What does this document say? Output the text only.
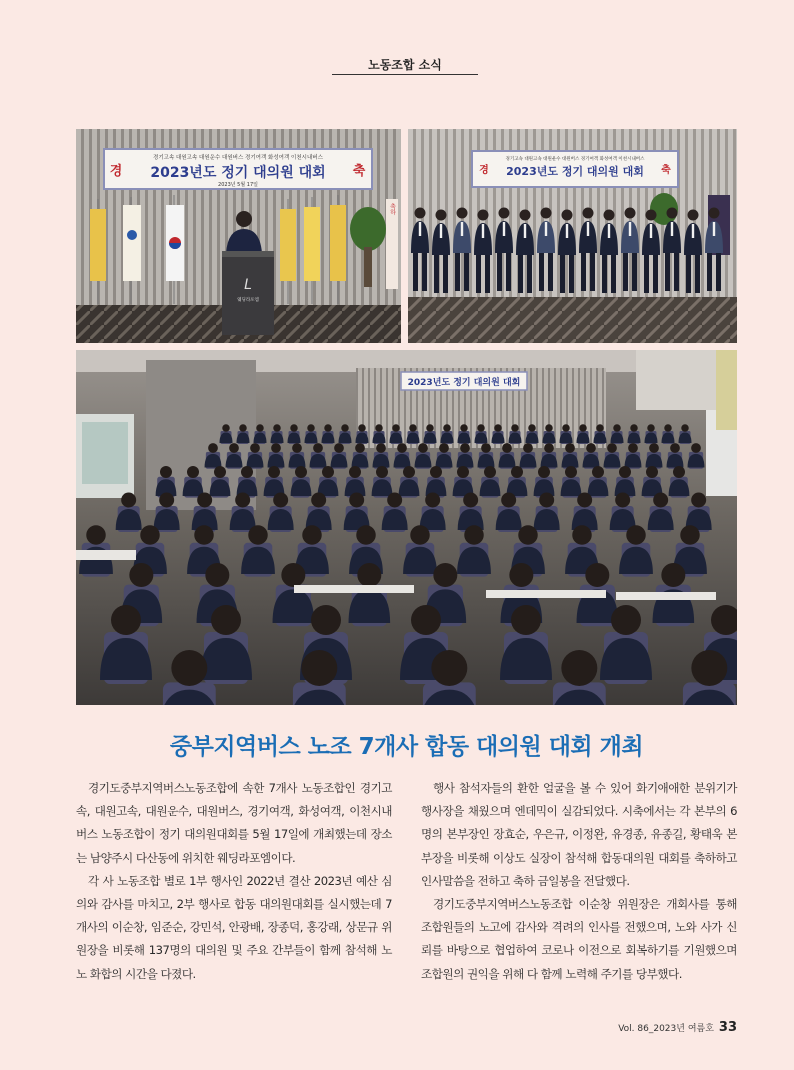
노동조합 소식
경기고속 대원고속 대원운수 대원버스 경기여객 화성여객 이천시내버스
2023년도 정기 대의원 대회
2023년 5월 17일
경	축
축하
L
웨딩라포엠
경기고속 대원고속 대원운수 대원버스 경기여객 화성여객 이천시내버스
2023년도 정기 대의원 대회
경	축
2023년도 정기 대의원 대회
중부지역버스 노조 7개사 합동 대의원 대회 개최

경기도중부지역버스노동조합에 속한 7개사 노동조합인 경기고속, 대원고속, 대원운수, 대원버스, 경기여객, 화성여객, 이천시내버스 노동조합이 정기 대의원대회를 5월 17일에 개최했는데 장소는 남양주시 다산동에 위치한 웨딩라포엠이다.

각 사 노동조합 별로 1부 행사인 2022년 결산 2023년 예산 심의와 감사를 마치고, 2부 행사로 합동 대의원대회를 실시했는데 7개사의 이순창, 임준순, 강민석, 안광배, 장종덕, 홍강래, 상문규 위원장을 비롯해 137명의 대의원 및 주요 간부들이 함께 참석해 노노 화합의 시간을 다졌다.

행사 참석자들의 환한 얼굴을 볼 수 있어 화기애애한 분위기가 행사장을 채웠으며 엔데믹이 실감되었다. 시축에서는 각 본부의 6명의 본부장인 장효순, 우은규, 이정완, 유경종, 유종길, 황태욱 본부장을 비롯해 이상도 실장이 참석해 합동대의원 대회를 축하하고 인사말씀을 전하고 축하 금일봉을 전달했다.

경기도중부지역버스노동조합 이순창 위원장은 개회사를 통해 조합원들의 노고에 감사와 격려의 인사를 전했으며, 노와 사가 신뢰를 바탕으로 협업하여 코로나 이전으로 회복하기를 기원했으며 조합원의 권익을 위해 다 함께 노력해 주기를 당부했다.

Vol. 86_2023년 여름호 33
